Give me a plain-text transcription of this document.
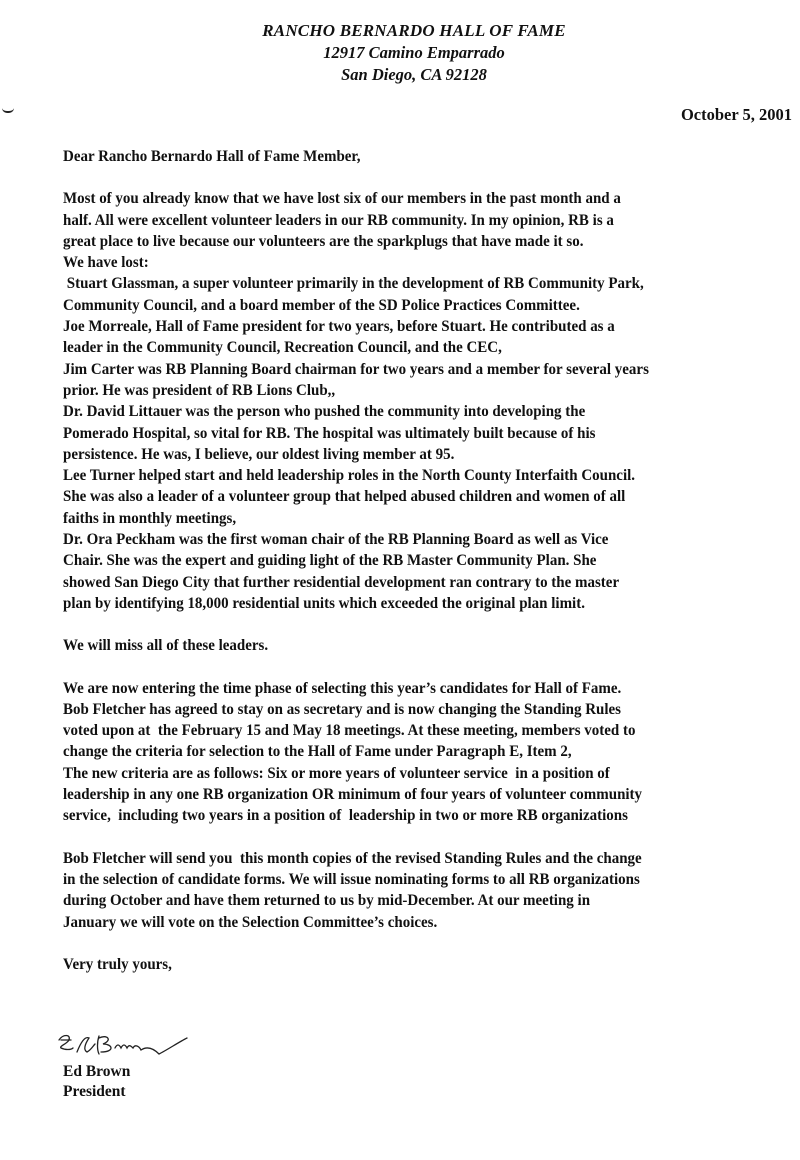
RANCHO BERNARDO HALL OF FAME
12917 Camino Emparrado
San Diego, CA 92128
October 5, 2001

Dear Rancho Bernardo Hall of Fame Member,

Most of you already know that we have lost six of our members in the past month and a

half. All were excellent volunteer leaders in our RB community. In my opinion, RB is a

great place to live because our volunteers are the sparkplugs that have made it so.

We have lost:

Stuart Glassman, a super volunteer primarily in the development of RB Community Park,

Community Council, and a board member of the SD Police Practices Committee.

Joe Morreale, Hall of Fame president for two years, before Stuart. He contributed as a

leader in the Community Council, Recreation Council, and the CEC,

Jim Carter was RB Planning Board chairman for two years and a member for several years

prior. He was president of RB Lions Club,,

Dr. David Littauer was the person who pushed the community into developing the

Pomerado Hospital, so vital for RB. The hospital was ultimately built because of his

persistence. He was, I believe, our oldest living member at 95.

Lee Turner helped start and held leadership roles in the North County Interfaith Council.

She was also a leader of a volunteer group that helped abused children and women of all

faiths in monthly meetings,

Dr. Ora Peckham was the first woman chair of the RB Planning Board as well as Vice

Chair. She was the expert and guiding light of the RB Master Community Plan. She

showed San Diego City that further residential development ran contrary to the master

plan by identifying 18,000 residential units which exceeded the original plan limit.

We will miss all of these leaders.

We are now entering the time phase of selecting this year’s candidates for Hall of Fame.

Bob Fletcher has agreed to stay on as secretary and is now changing the Standing Rules

voted upon at  the February 15 and May 18 meetings. At these meeting, members voted to

change the criteria for selection to the Hall of Fame under Paragraph E, Item 2,

The new criteria are as follows: Six or more years of volunteer service  in a position of

leadership in any one RB organization OR minimum of four years of volunteer community

service,  including two years in a position of  leadership in two or more RB organizations

Bob Fletcher will send you  this month copies of the revised Standing Rules and the change

in the selection of candidate forms. We will issue nominating forms to all RB organizations

during October and have them returned to us by mid-December. At our meeting in

January we will vote on the Selection Committee’s choices.

Very truly yours,

Ed Brown
President
